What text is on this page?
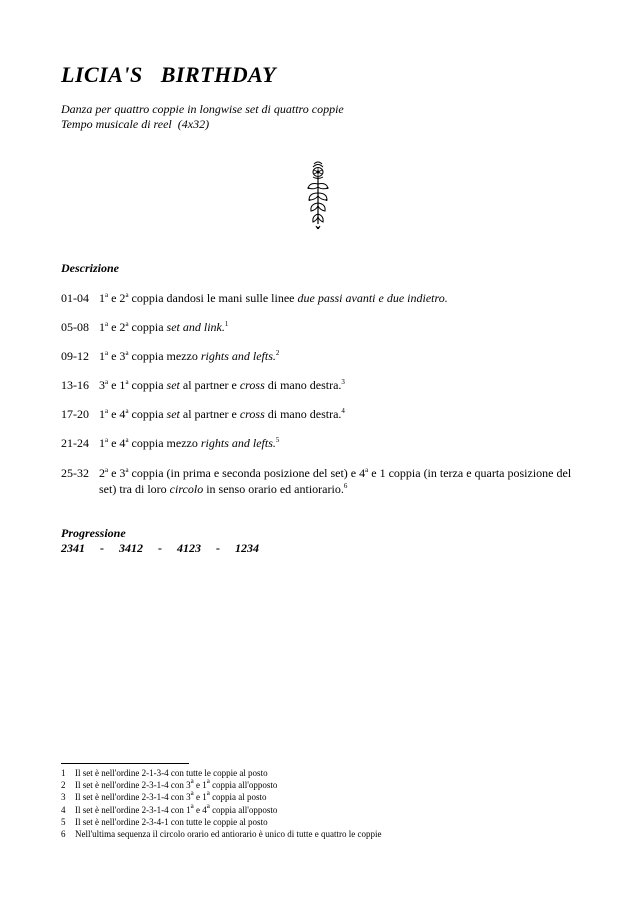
LICIA'S   BIRTHDAY
Danza per quattro coppie in longwise set di quattro coppie
Tempo musicale di reel  (4x32)
Descrizione
01-04 1$^a$ e 2$^a$ coppia dandosi le mani sulle linee due passi avanti e due indietro.
05-08 1$^a$ e 2$^a$ coppia set and link.$^1$
09-12 1$^a$ e 3$^a$ coppia mezzo rights and lefts.$^2$
13-16 3$^a$ e 1$^a$ coppia set al partner e cross di mano destra.$^3$
17-20 1$^a$ e 4$^a$ coppia set al partner e cross di mano destra.$^4$
21-24 1$^a$ e 4$^a$ coppia mezzo rights and lefts.$^5$
25-32 2$^a$ e 3$^a$ coppia (in prima e seconda posizione del set) e 4$^a$ e 1 coppia (in terza e quarta posizione del set) tra di loro circolo in senso orario ed antiorario.$^6$
Progressione
2341   -   3412   -   4123   -   1234
1 Il set è nell'ordine 2-1-3-4 con tutte le coppie al posto
2 Il set è nell'ordine 2-3-1-4 con 3$^a$ e 1$^a$ coppia all'opposto
3 Il set è nell'ordine 2-3-1-4 con 3$^a$ e 1$^a$ coppia al posto
4 Il set è nell'ordine 2-3-1-4 con 1$^a$ e 4$^a$ coppia all'opposto
5 Il set è nell'ordine 2-3-4-1 con tutte le coppie al posto
6 Nell'ultima sequenza il circolo orario ed antiorario è unico di tutte e quattro le coppie
